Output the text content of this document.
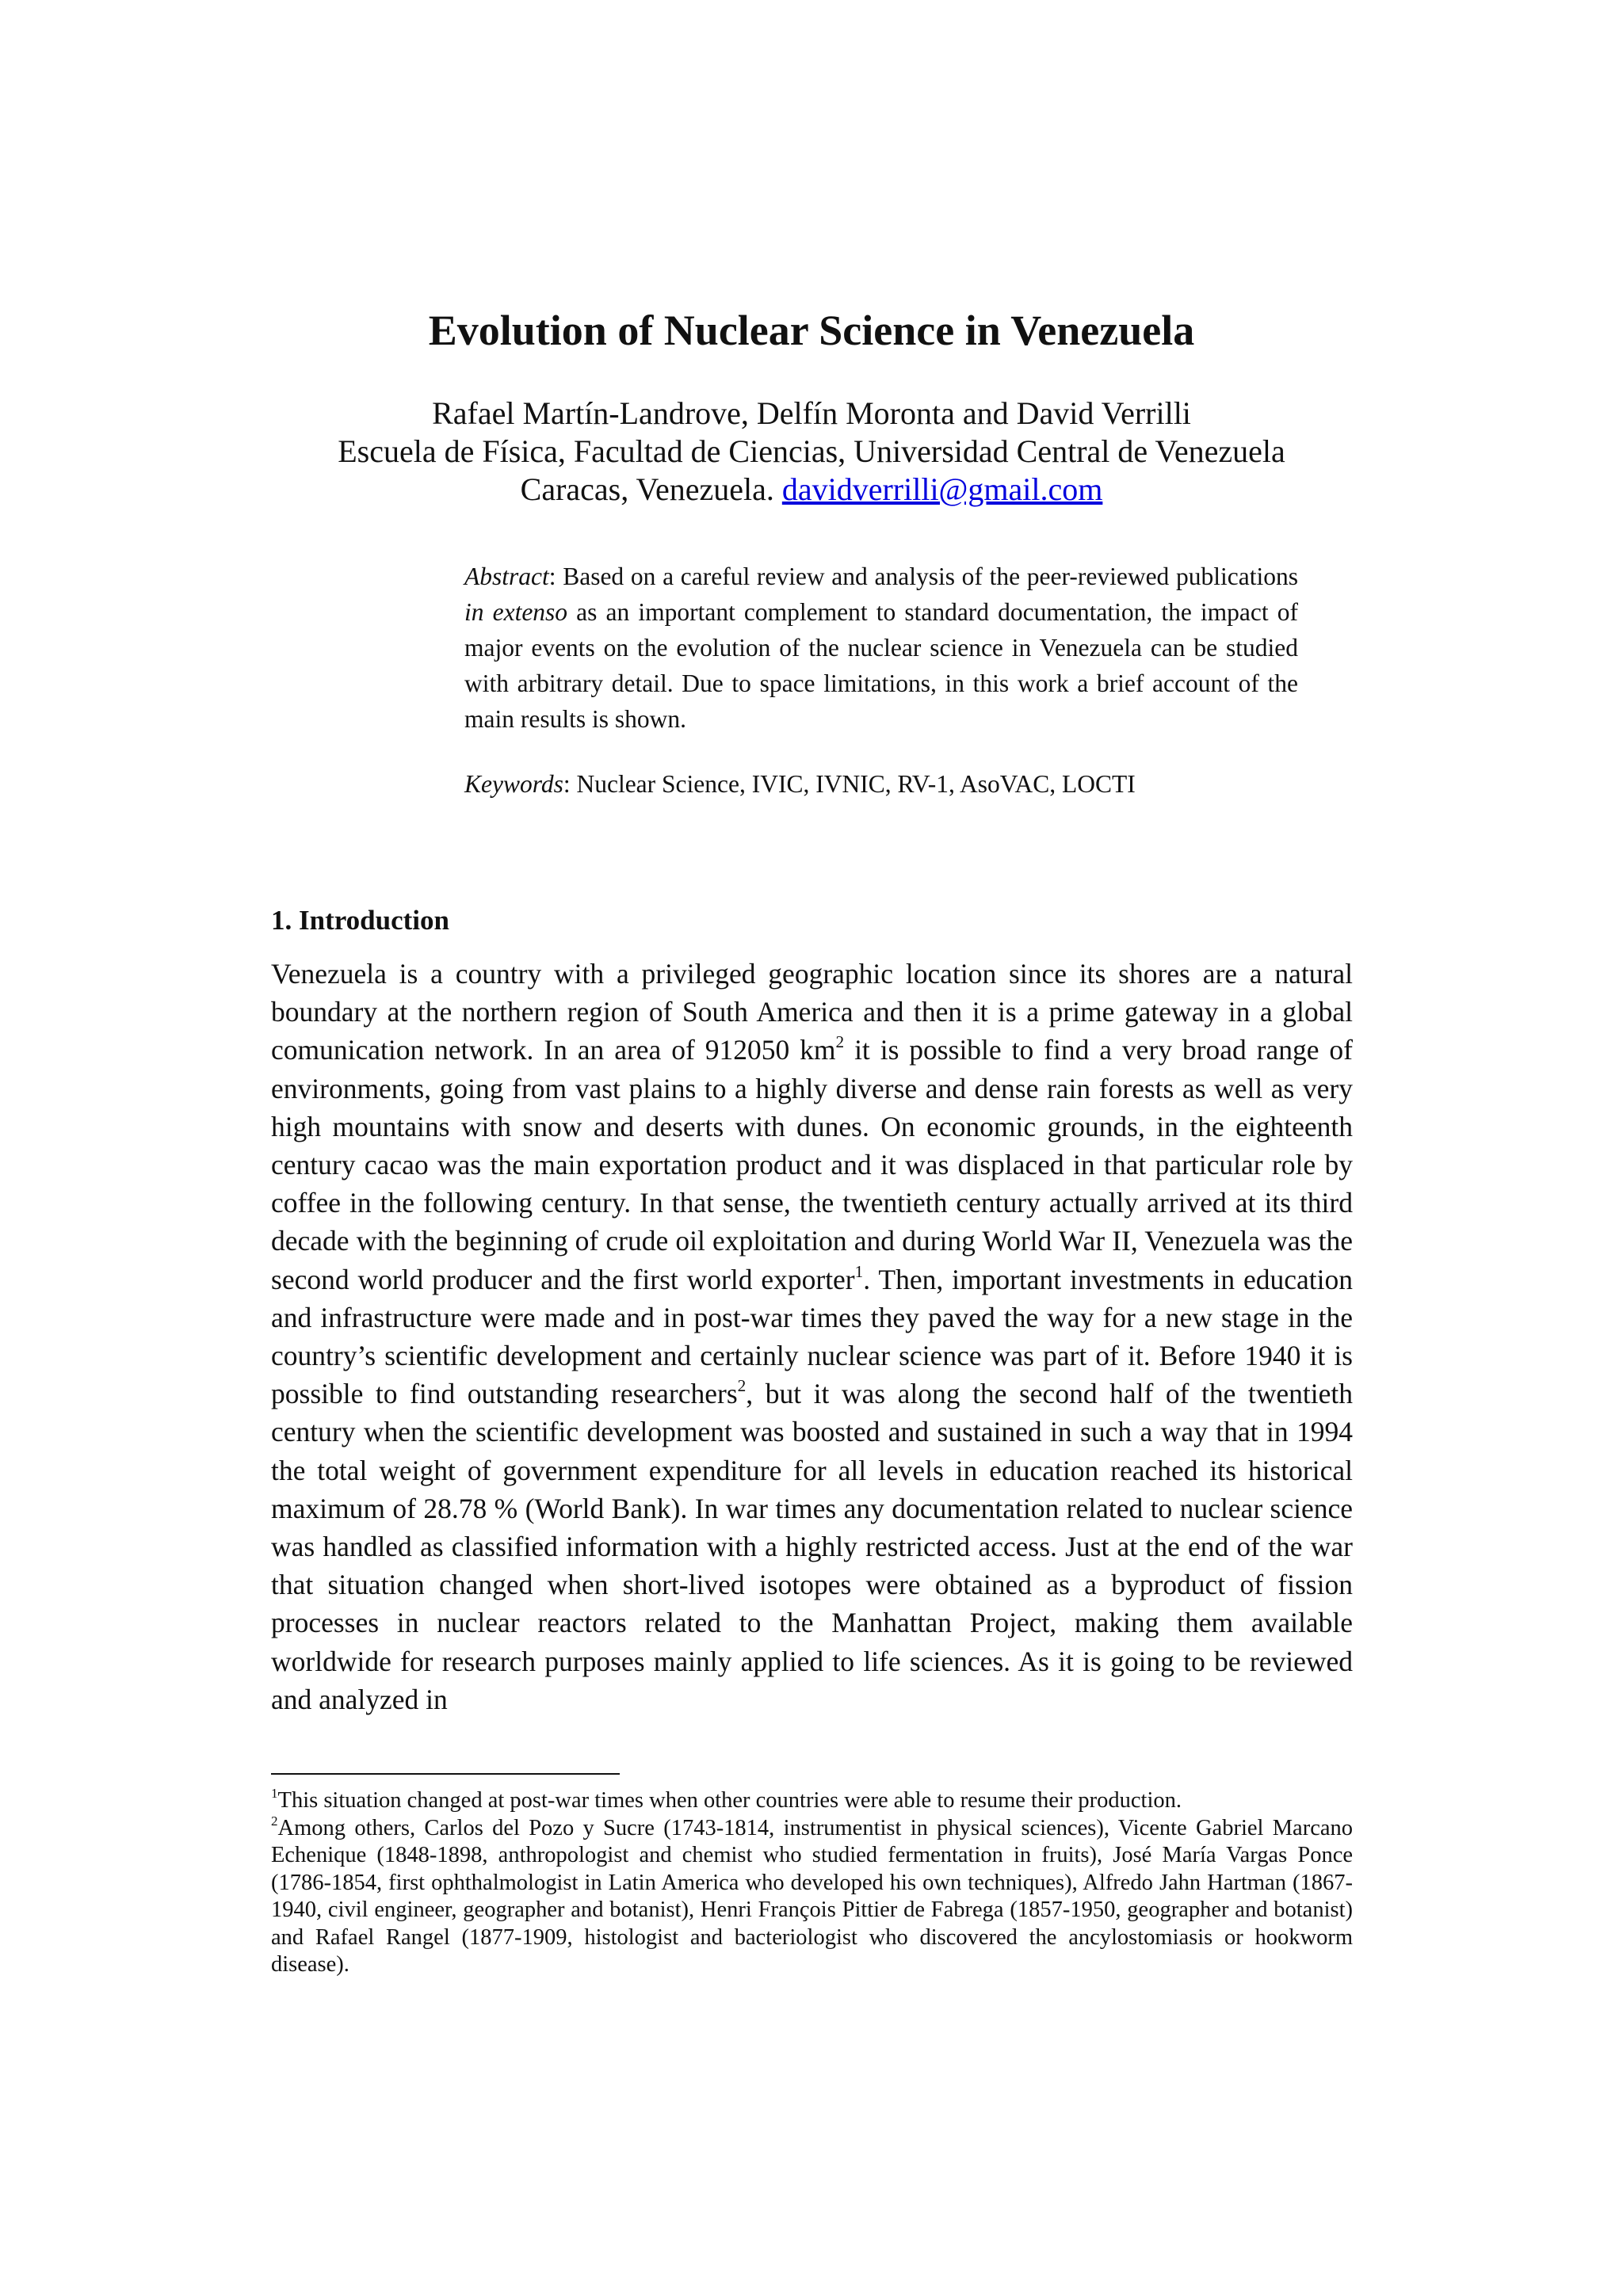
Evolution of Nuclear Science in Venezuela
Rafael Martín-Landrove, Delfín Moronta and David Verrilli
Escuela de Física, Facultad de Ciencias, Universidad Central de Venezuela
Caracas, Venezuela. davidverrilli@gmail.com

Abstract: Based on a careful review and analysis of the peer-reviewed publications in extenso as an important complement to standard documentation, the impact of major events on the evolution of the nuclear science in Venezuela can be studied with arbitrary detail. Due to space limitations, in this work a brief account of the main results is shown.

Keywords: Nuclear Science, IVIC, IVNIC, RV-1, AsoVAC, LOCTI
1. Introduction

Venezuela is a country with a privileged geographic location since its shores are a natural boundary at the northern region of South America and then it is a prime gateway in a global comunication network. In an area of 912050 $km^2$ it is possible to find a very broad range of environments, going from vast plains to a highly diverse and dense rain forests as well as very high mountains with snow and deserts with dunes. On economic grounds, in the eighteenth century cacao was the main exportation product and it was displaced in that particular role by coffee in the following century. In that sense, the twentieth century actually arrived at its third decade with the beginning of crude oil exploitation and during World War II, Venezuela was the second world producer and the first world exporter$^1$. Then, important investments in education and infrastructure were made and in post-war times they paved the way for a new stage in the country’s scientific development and certainly nuclear science was part of it. Before 1940 it is possible to find outstanding researchers$^2$, but it was along the second half of the twentieth century when the scientific development was boosted and sustained in such a way that in 1994 the total weight of government expenditure for all levels in education reached its historical maximum of 28.78 % (World Bank). In war times any documentation related to nuclear science was handled as classified information with a highly restricted access. Just at the end of the war that situation changed when short-lived isotopes were obtained as a byproduct of fission processes in nuclear reactors related to the Manhattan Project, making them available worldwide for research purposes mainly applied to life sciences. As it is going to be reviewed and analyzed in

$^1$This situation changed at post-war times when other countries were able to resume their production.

$^2$Among others, Carlos del Pozo y Sucre (1743-1814, instrumentist in physical sciences), Vicente Gabriel Marcano Echenique (1848-1898, anthropologist and chemist who studied fermentation in fruits), José María Vargas Ponce (1786-1854, first ophthalmologist in Latin America who developed his own techniques), Alfredo Jahn Hartman (1867-1940, civil engineer, geographer and botanist), Henri François Pittier de Fabrega (1857-1950, geographer and botanist) and Rafael Rangel (1877-1909, histologist and bacteriologist who discovered the ancylostomiasis or hookworm disease).
